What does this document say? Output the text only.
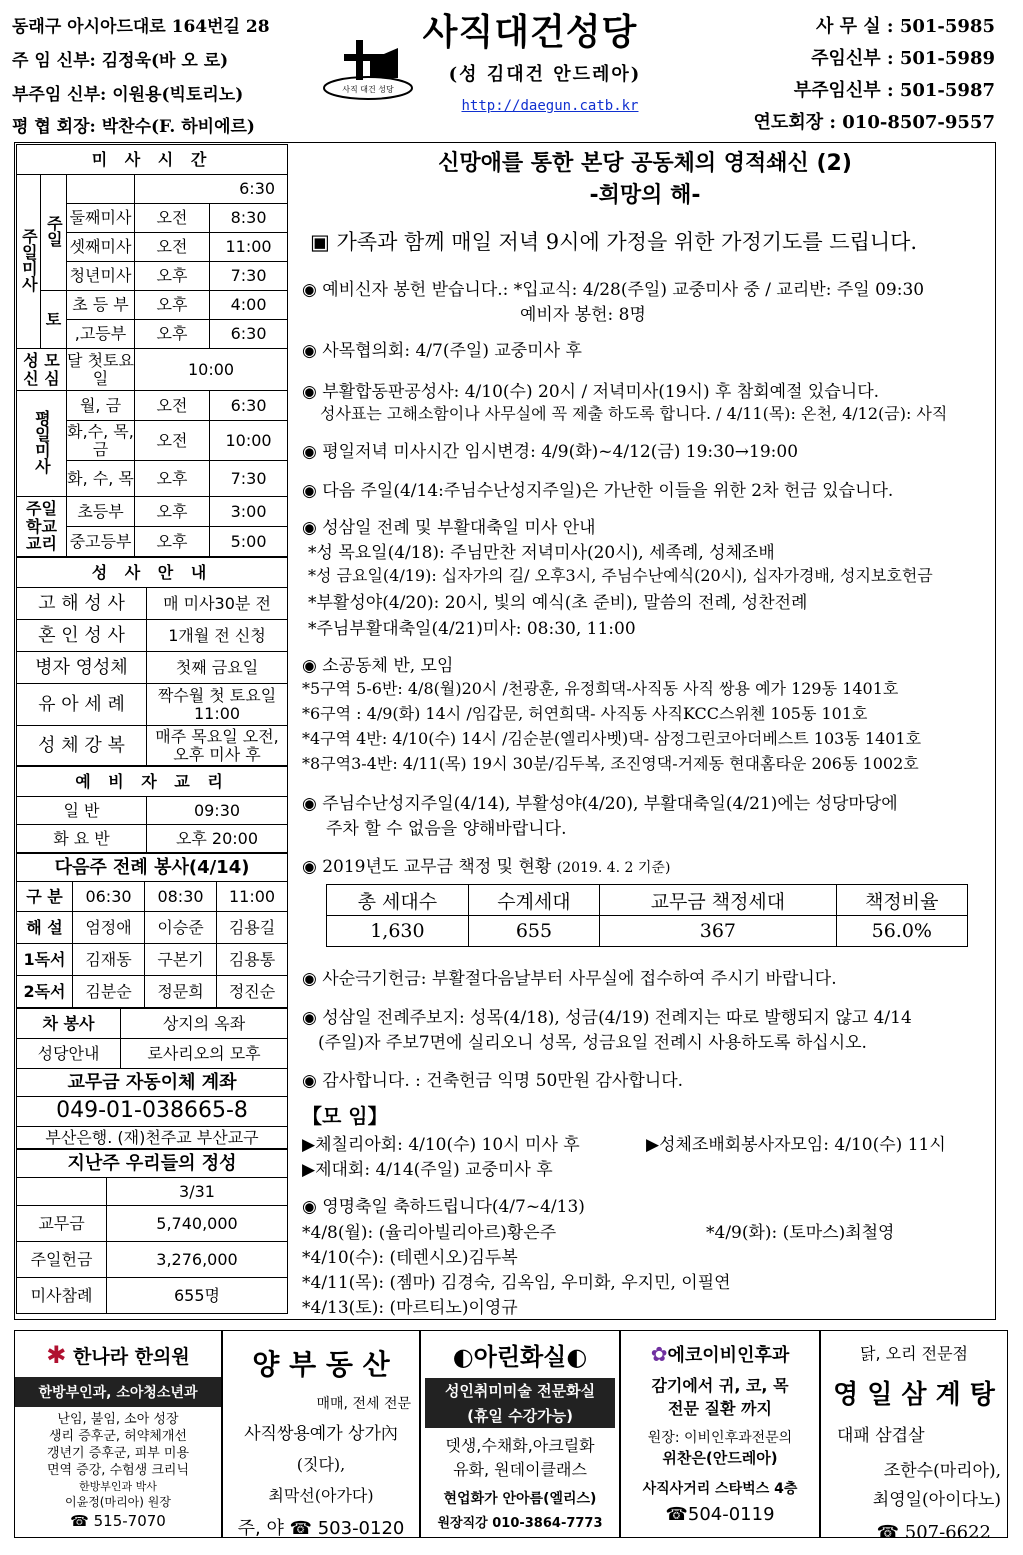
동래구 아시아드대로 164번길 28
주 임 신부: 김정욱(바 오 로)
부주임 신부: 이원용(빅토리노)
평 협 회장: 박찬수(F. 하비에르)
사직 대건 성당
사직대건성당
(성 김대건 안드레아)
http://daegun.catb.kr
사 무 실 : 501-5985
주임신부 : 501-5989
부주임신부 : 501-5987
연도회장 : 010-8507-9557
미 사 시 간				
주일미사	주일		6:30	
		둘째미사	오전	8:30
		셋째미사	오전	11:00
		청년미사	오후	7:30
	토	초 등 부	오후	4:00
		,고등부	오후	6:30
성 모 신 심		달 첫토요일	10:00	
평일미사		월, 금	오전	6:30
		화,수, 목, 금	오전	10:00
		화, 수, 목	오후	7:30
주일 학교 교리		초등부	오후	3:00
		중고등부	오후	5:00
성 사 안 내	
고 해 성 사	매 미사30분 전
혼 인 성 사	1개월 전 신청
병자 영성체	첫째 금요일
유 아 세 례	짝수월 첫 토요일 11:00
성 체 강 복	매주 목요일 오전, 오후 미사 후
예 비 자 교 리	
일 반	09:30
화 요 반	오후 20:00
다음주 전례 봉사(4/14)			
구 분	06:30	08:30	11:00
해 설	엄정애	이승준	김용길
1독서	김재동	구본기	김용통
2독서	김분순	정문희	정진순
차 봉사	상지의 옥좌
성당안내	로사리오의 모후
교무금 자동이체 계좌	
049-01-038665-8	
부산은행. (재)천주교 부산교구	
지난주 우리들의 정성	
	3/31
교무금	5,740,000
주일헌금	3,276,000
미사참례	655명
신망애를 통한 본당 공동체의 영적쇄신 (2)
-희망의 해-
▣ 가족과 함께 매일 저녁 9시에 가정을 위한 가정기도를 드립니다.
◉ 예비신자 봉헌 받습니다.: *입교식: 4/28(주일) 교중미사 중 / 교리반: 주일 09:30
예비자 봉헌: 8명
◉ 사목협의회: 4/7(주일) 교중미사 후
◉ 부활합동판공성사: 4/10(수) 20시 / 저녁미사(19시) 후 참회예절 있습니다.
성사표는 고해소함이나 사무실에 꼭 제출 하도록 합니다. / 4/11(목): 온천, 4/12(금): 사직
◉ 평일저녁 미사시간 임시변경: 4/9(화)~4/12(금) 19:30→19:00
◉ 다음 주일(4/14:주님수난성지주일)은 가난한 이들을 위한 2차 헌금 있습니다.
◉ 성삼일 전례 및 부활대축일 미사 안내
*성 목요일(4/18): 주님만찬 저녁미사(20시), 세족례, 성체조배
*성 금요일(4/19): 십자가의 길/ 오후3시, 주님수난예식(20시), 십자가경배, 성지보호헌금
*부활성야(4/20): 20시, 빛의 예식(초 준비), 말씀의 전례, 성찬전례
*주님부활대축일(4/21)미사: 08:30, 11:00
◉ 소공동체 반, 모임
*5구역 5-6반: 4/8(월)20시 /천광훈, 유정희댁-사직동 사직 쌍용 예가 129동 1401호
*6구역 : 4/9(화) 14시 /임갑문, 허연희댁- 사직동 사직KCC스위첸 105동 101호
*4구역 4반: 4/10(수) 14시 /김순분(엘리사벳)댁- 삼정그린코아더베스트 103동 1401호
*8구역3-4반: 4/11(목) 19시 30분/김두복, 조진영댁-거제동 현대홈타운 206동 1002호
◉ 주님수난성지주일(4/14), 부활성야(4/20), 부활대축일(4/21)에는 성당마당에
주차 할 수 없음을 양해바랍니다.
◉ 2019년도 교무금 책정 및 현황 (2019. 4. 2 기준)
총 세대수	수계세대	교무금 책정세대	책정비율
1,630	655	367	56.0%
◉ 사순극기헌금: 부활절다음날부터 사무실에 접수하여 주시기 바랍니다.
◉ 성삼일 전례주보지: 성목(4/18), 성금(4/19) 전례지는 따로 발행되지 않고 4/14
(주일)자 주보7면에 실리오니 성목, 성금요일 전례시 사용하도록 하십시오.
◉ 감사합니다. : 건축헌금 익명 50만원 감사합니다.
【모 임】
▶체칠리아회: 4/10(수) 10시 미사 후	▶성체조배회봉사자모임: 4/10(수) 11시
▶제대회: 4/14(주일) 교중미사 후
◉ 영명축일 축하드립니다(4/7~4/13)
*4/8(월): (율리아빌리아르)황은주	*4/9(화): (토마스)최철영
*4/10(수): (테렌시오)김두복
*4/11(목): (젬마) 김경숙, 김옥임, 우미화, 우지민, 이필연
*4/13(토): (마르티노)이영규
✱ 한나라 한의원
한방부인과, 소아청소년과
난임, 불임, 소아 성장
생리 증후군, 허약체개선
갱년기 증후군, 피부 미용
면역 증강, 수험생 크리닉
한방부인과 박사
이윤정(마리아) 원장
☎ 515-7070
양 부 동 산
매매, 전세 전문
사직쌍용예가 상가內
(짓다),
최막선(아가다)
주, 야 ☎ 503-0120
◐아린화실◐
성인취미미술 전문화실
(휴일 수강가능)
뎃생,수채화,아크릴화
유화, 원데이클래스
현업화가 안아름(엘리스)
원장직강 010-3864-7773
✿에코이비인후과
감기에서 귀, 코, 목
전문 질환 까지
원장: 이비인후과전문의
위찬은(안드레아)
사직사거리 스타벅스 4층
☎504-0119
닭, 오리 전문점
영 일 삼 계 탕
대패 삼겹살
조한수(마리아),
최영일(아이다노)
☎ 507-6622
